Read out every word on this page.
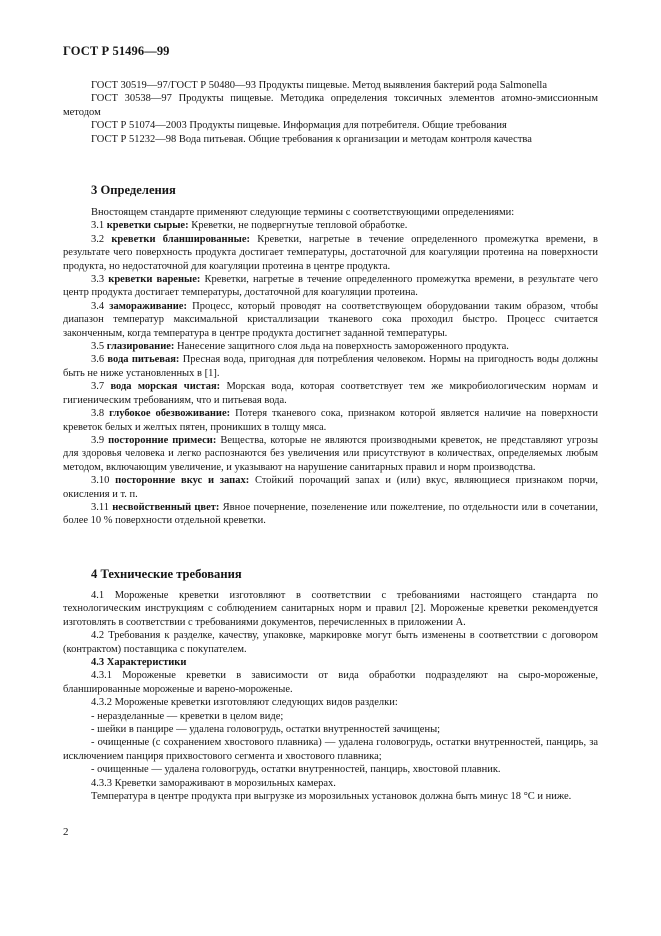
ГОСТ Р 51496—99

ГОСТ 30519—97/ГОСТ Р 50480—93 Продукты пищевые. Метод выявления бактерий рода Salmonella

ГОСТ 30538—97 Продукты пищевые. Методика определения токсичных элементов атомно-эмиссионным методом

ГОСТ Р 51074—2003 Продукты пищевые. Информация для потребителя. Общие требования

ГОСТ Р 51232—98 Вода питьевая. Общие требования к организации и методам контроля качества

3 Определения

Вностоящем стандарте применяют следующие термины с соответствующими определениями:

3.1 креветки сырые: Креветки, не подвергнутые тепловой обработке.

3.2 креветки бланшированные: Креветки, нагретые в течение определенного промежутка времени, в результате чего поверхность продукта достигает температуры, достаточной для коагуляции протеина на поверхности продукта, но недостаточной для коагуляции протеина в центре продукта.

3.3 креветки вареные: Креветки, нагретые в течение определенного промежутка времени, в результате чего центр продукта достигает температуры, достаточной для коагуляции протеина.

3.4 замораживание: Процесс, который проводят на соответствующем оборудовании таким образом, чтобы диапазон температур максимальной кристаллизации тканевого сока проходил быстро. Процесс считается законченным, когда температура в центре продукта достигнет заданной температуры.

3.5 глазирование: Нанесение защитного слоя льда на поверхность замороженного продукта.

3.6 вода питьевая: Пресная вода, пригодная для потребления человеком. Нормы на пригодность воды должны быть не ниже установленных в [1].

3.7 вода морская чистая: Морская вода, которая соответствует тем же микробиологическим нормам и гигиеническим требованиям, что и питьевая вода.

3.8 глубокое обезвоживание: Потеря тканевого сока, признаком которой является наличие на поверхности креветок белых и желтых пятен, проникших в толщу мяса.

3.9 посторонние примеси: Вещества, которые не являются производными креветок, не представляют угрозы для здоровья человека и легко распознаются без увеличения или присутствуют в количествах, определяемых любым методом, включающим увеличение, и указывают на нарушение санитарных правил и норм производства.

3.10 посторонние вкус и запах: Стойкий порочащий запах и (или) вкус, являющиеся признаком порчи, окисления и т. п.

3.11 несвойственный цвет: Явное почернение, позеленение или пожелтение, по отдельности или в сочетании, более 10 % поверхности отдельной креветки.

4 Технические требования

4.1 Мороженые креветки изготовляют в соответствии с требованиями настоящего стандарта по технологическим инструкциям с соблюдением санитарных норм и правил [2]. Мороженые креветки рекомендуется изготовлять в соответствии с требованиями документов, перечисленных в приложении А.

4.2 Требования к разделке, качеству, упаковке, маркировке могут быть изменены в соответствии с договором (контрактом) поставщика с покупателем.

4.3 Характеристики

4.3.1 Мороженые креветки в зависимости от вида обработки подразделяют на сыро-мороженые, бланшированные мороженые и варено-мороженые.

4.3.2 Мороженые креветки изготовляют следующих видов разделки:

- неразделанные — креветки в целом виде;

- шейки в панцире — удалена головогрудь, остатки внутренностей зачищены;

- очищенные (с сохранением хвостового плавника) — удалена головогрудь, остатки внутренностей, панцирь, за исключением панциря прихвостового сегмента и хвостового плавника;

- очищенные — удалена головогрудь, остатки внутренностей, панцирь, хвостовой плавник.

4.3.3 Креветки замораживают в морозильных камерах.

Температура в центре продукта при выгрузке из морозильных установок должна быть минус 18 °С и ниже.

2
